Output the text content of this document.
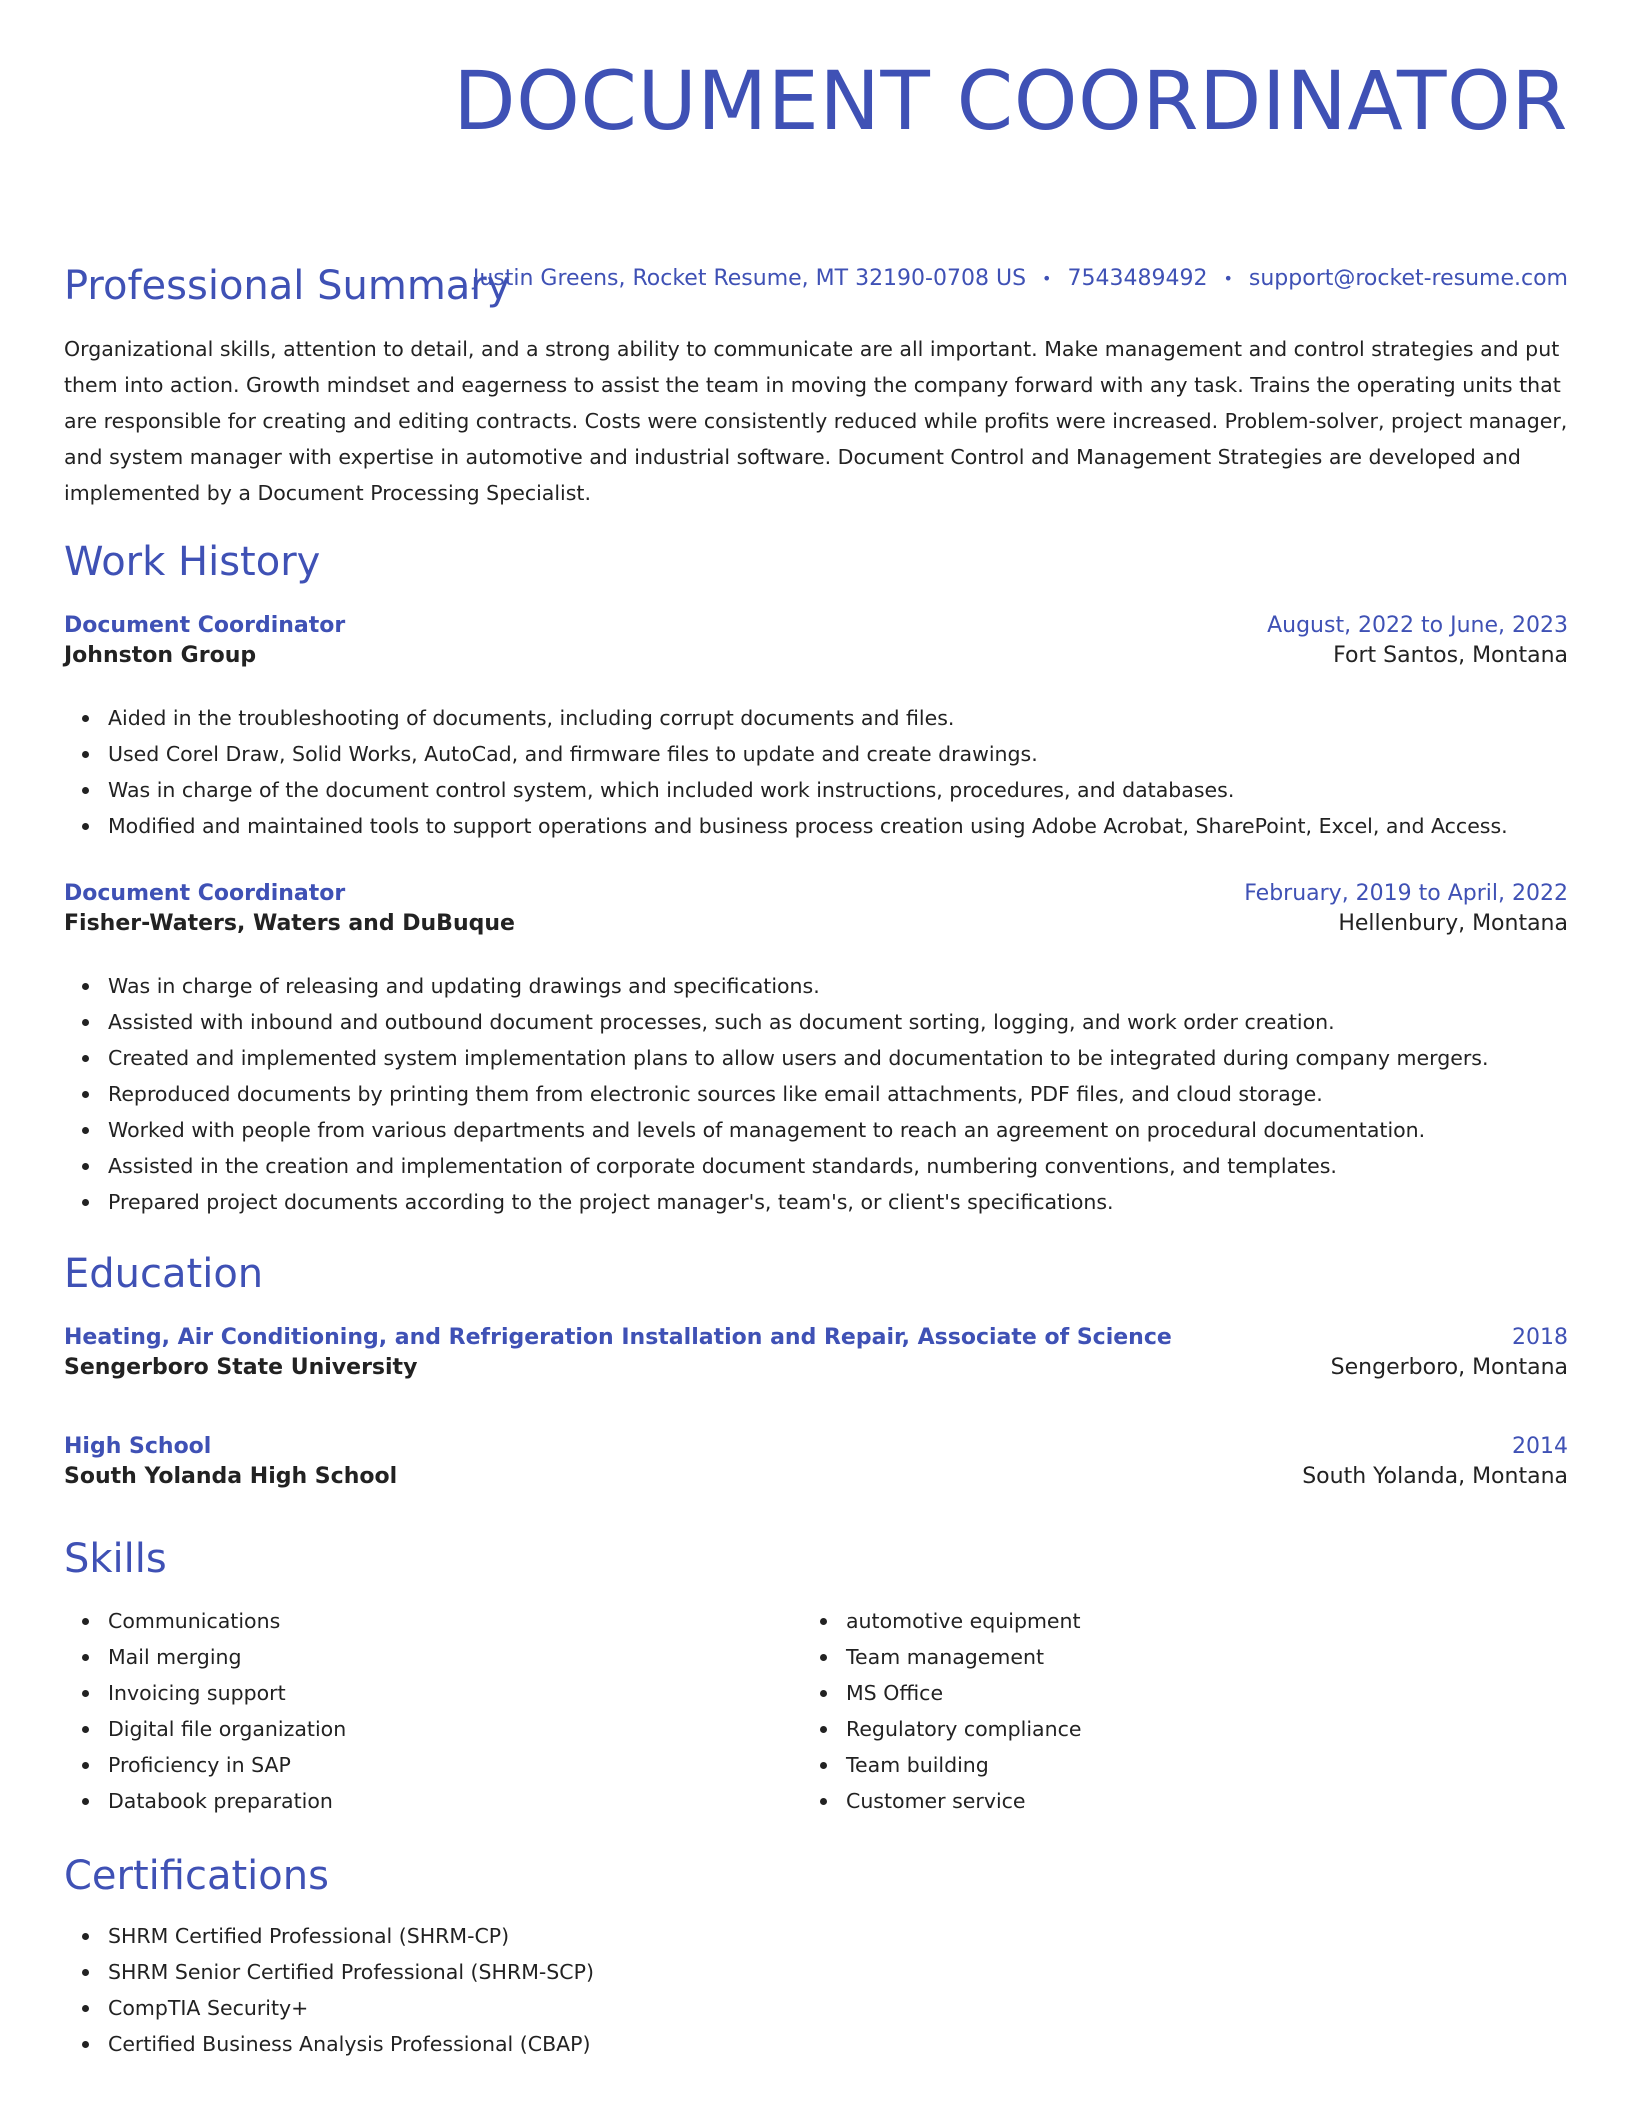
DOCUMENT COORDINATOR
Justin Greens, Rocket Resume, MT 32190-0708 US • 7543489492 • support@rocket-resume.com
Professional Summary

Organizational skills, attention to detail, and a strong ability to communicate are all important. Make management and control strategies and put them into action. Growth mindset and eagerness to assist the team in moving the company forward with any task. Trains the operating units that are responsible for creating and editing contracts. Costs were consistently reduced while profits were increased. Problem-solver, project manager, and system manager with expertise in automotive and industrial software. Document Control and Management Strategies are developed and implemented by a Document Processing Specialist.

Work History
Document Coordinator	August, 2022 to June, 2023
Johnston Group	Fort Santos, Montana
Aided in the troubleshooting of documents, including corrupt documents and files.
Used Corel Draw, Solid Works, AutoCad, and firmware files to update and create drawings.
Was in charge of the document control system, which included work instructions, procedures, and databases.
Modified and maintained tools to support operations and business process creation using Adobe Acrobat, SharePoint, Excel, and Access.
Document Coordinator	February, 2019 to April, 2022
Fisher-Waters, Waters and DuBuque	Hellenbury, Montana
Was in charge of releasing and updating drawings and specifications.
Assisted with inbound and outbound document processes, such as document sorting, logging, and work order creation.
Created and implemented system implementation plans to allow users and documentation to be integrated during company mergers.
Reproduced documents by printing them from electronic sources like email attachments, PDF files, and cloud storage.
Worked with people from various departments and levels of management to reach an agreement on procedural documentation.
Assisted in the creation and implementation of corporate document standards, numbering conventions, and templates.
Prepared project documents according to the project manager's, team's, or client's specifications.
Education
Heating, Air Conditioning, and Refrigeration Installation and Repair, Associate of Science	2018
Sengerboro State University	Sengerboro, Montana
High School	2014
South Yolanda High School	South Yolanda, Montana
Skills
Communications
Mail merging
Invoicing support
Digital file organization
Proficiency in SAP
Databook preparation
automotive equipment
Team management
MS Office
Regulatory compliance
Team building
Customer service
Certifications
SHRM Certified Professional (SHRM-CP)
SHRM Senior Certified Professional (SHRM-SCP)
CompTIA Security+
Certified Business Analysis Professional (CBAP)
